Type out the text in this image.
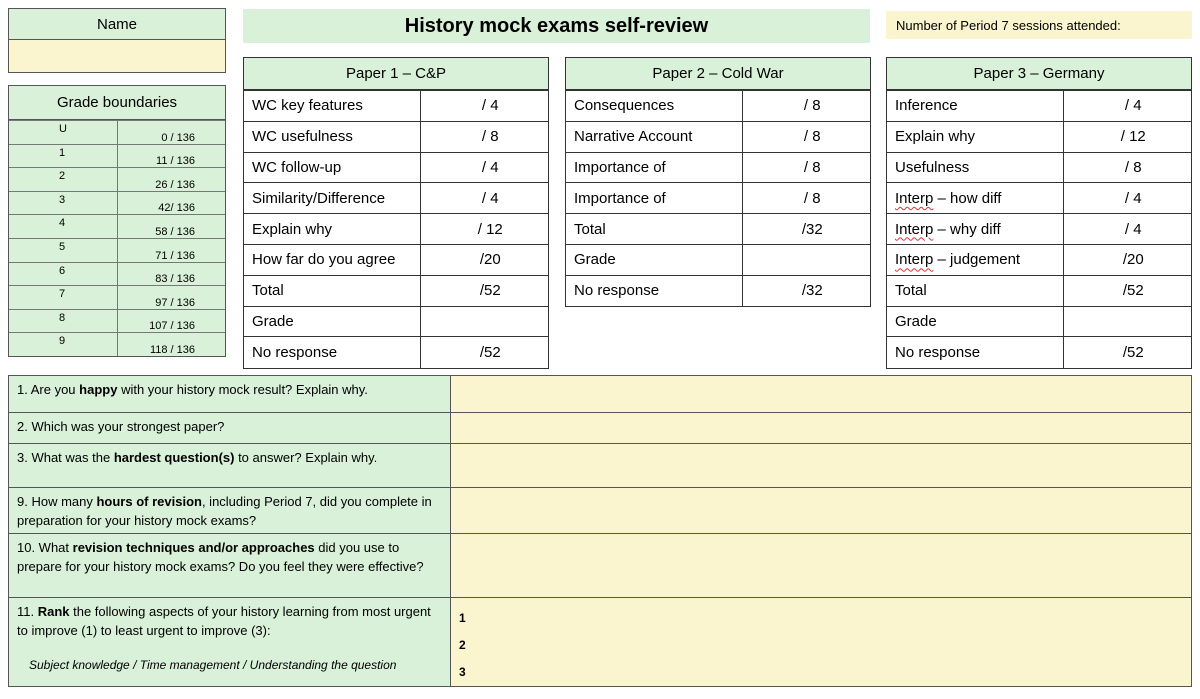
Name	History mock exams self-review	Number of Period 7 sessions attended:
Grade boundaries
U	0 / 136
1	11 / 136
2	26 / 136
3	42/ 136
4	58 / 136
5	71 / 136
6	83 / 136
7	97 / 136
8	107 / 136
9	118 / 136
Paper 1 – C&P
WC key features	/ 4
WC usefulness	/ 8
WC follow-up	/ 4
Similarity/Difference	/ 4
Explain why	/ 12
How far do you agree	/20
Total	/52
Grade	
No response	/52
Paper 2 – Cold War
Consequences	/ 8
Narrative Account	/ 8
Importance of	/ 8
Importance of	/ 8
Total	/32
Grade	
No response	/32
Paper 3 – Germany
Inference	/ 4
Explain why	/ 12
Usefulness	/ 8
Interp – how diff	/ 4
Interp – why diff	/ 4
Interp – judgement	/20
Total	/52
Grade	
No response	/52
1. Are you happy with your history mock result? Explain why.
2. Which was your strongest paper?
3. What was the hardest question(s) to answer? Explain why.
9. How many hours of revision, including Period 7, did you complete in preparation for your history mock exams?
10. What revision techniques and/or approaches did you use to prepare for your history mock exams? Do you feel they were effective?
11. Rank the following aspects of your history learning from most urgent to improve (1) to least urgent to improve (3):
Subject knowledge / Time management / Understanding the question
1
2
3
